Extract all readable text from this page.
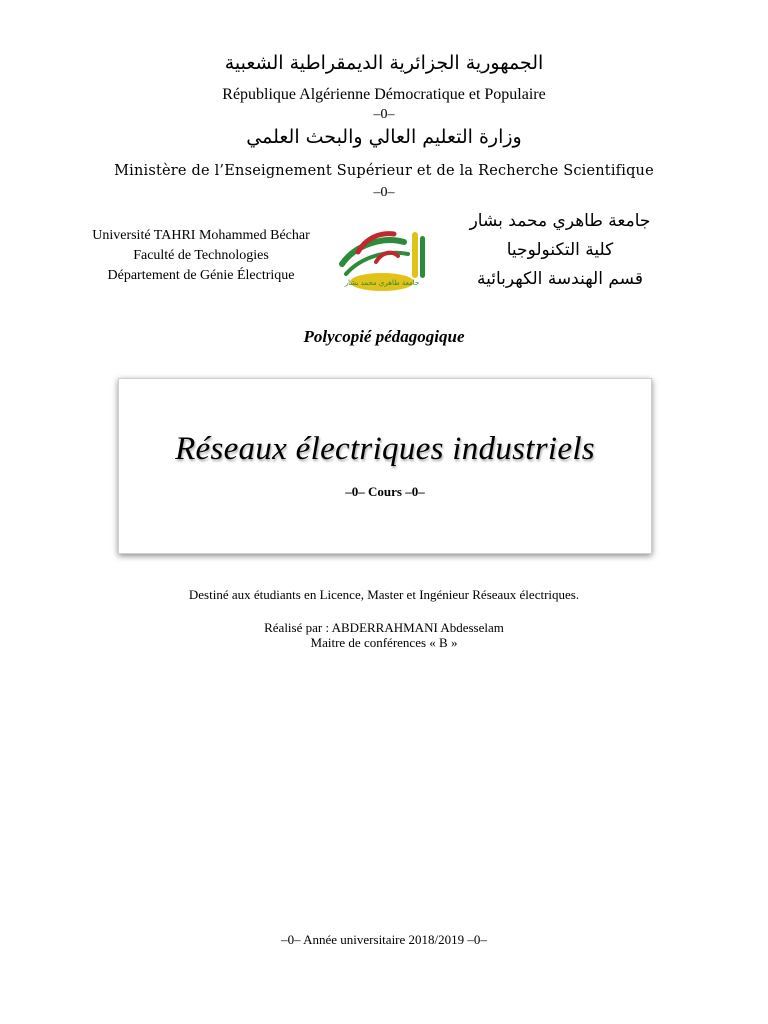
الجمهورية الجزائرية الديمقراطية الشعبية
République Algérienne Démocratique et Populaire
–0–
وزارة التعليم العالي والبحث العلمي
Ministère de l’Enseignement Supérieur et de la Recherche Scientifique
–0–
Université TAHRI Mohammed Béchar
Faculté de Technologies
Département de Génie Électrique	جامعة طاهري محمد بشار
جامعة طاهري محمد بشار
كلية التكنولوجيا
قسم الهندسة الكهربائية
Polycopié pédagogique
Réseaux électriques industriels
–0– Cours –0–
Destiné aux étudiants en Licence, Master et Ingénieur Réseaux électriques.
Réalisé par : ABDERRAHMANI Abdesselam
Maitre de conférences « B »
–0– Année universitaire 2018/2019 –0–
